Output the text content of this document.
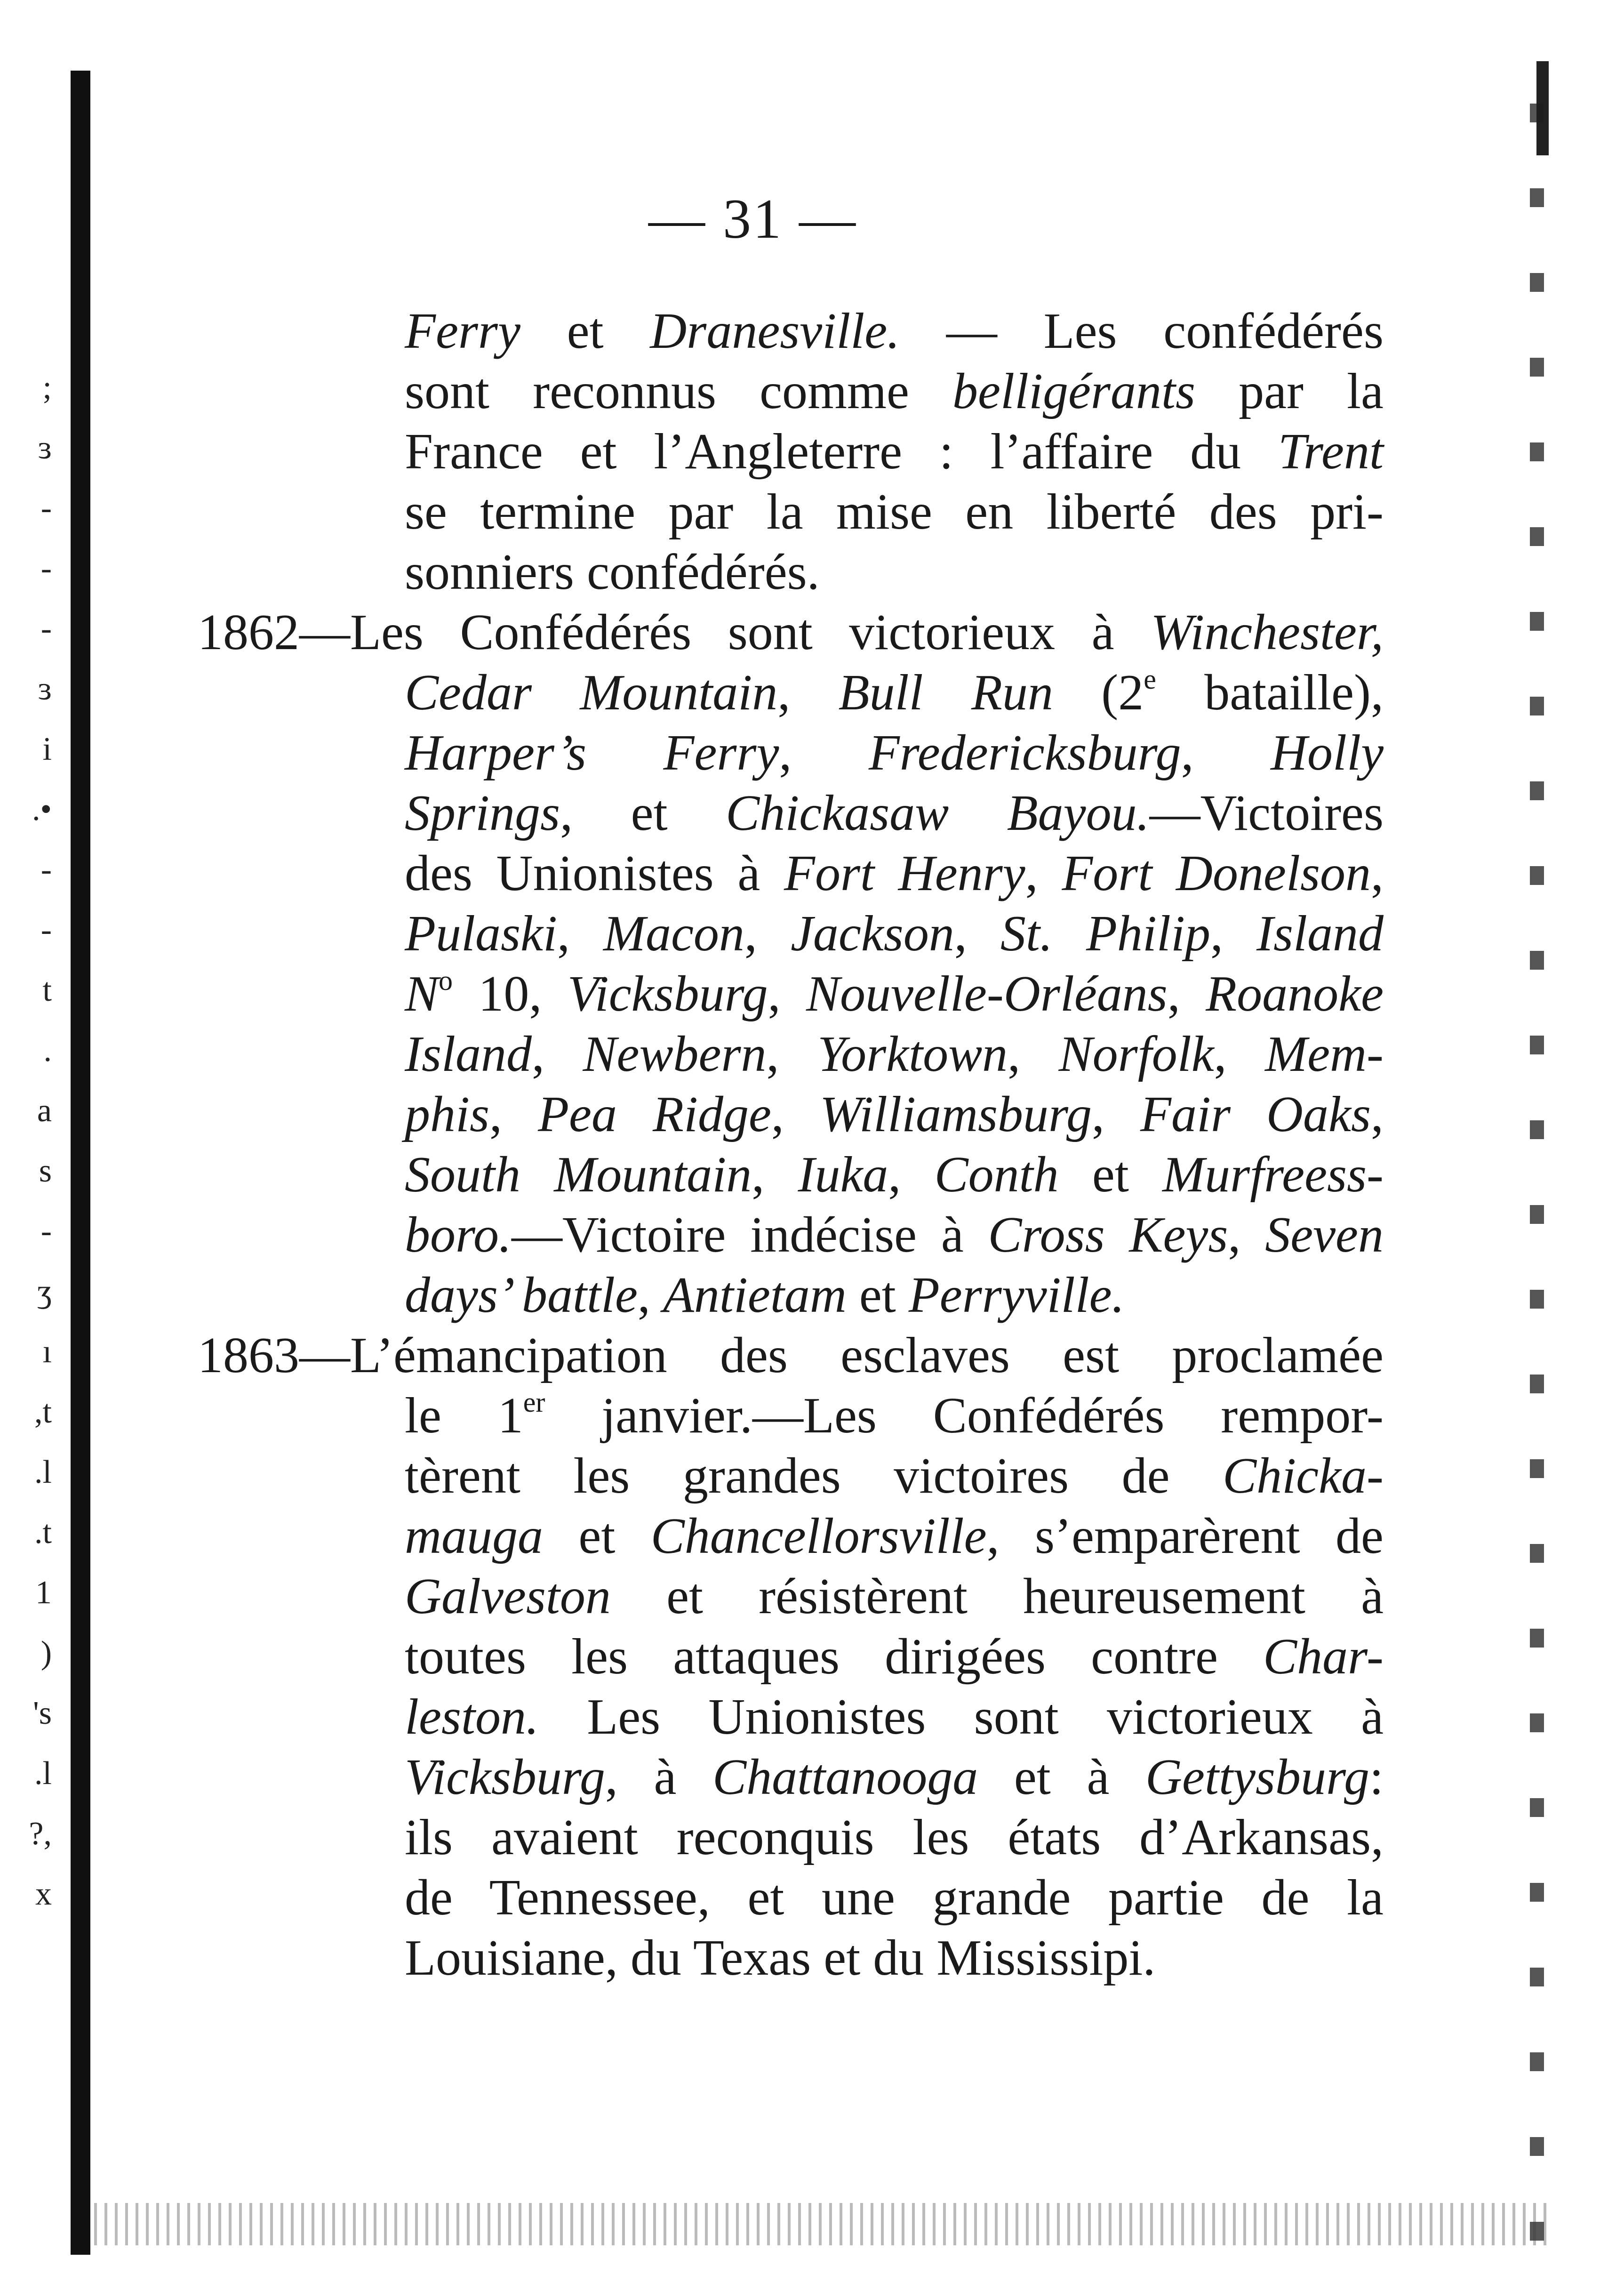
;
ɜ
-
-
-
ɜ
i
.•
-
-
t
.
a
s
-
ʒ
ı
,t
.l
.t
1
)
's
.l
?,
x
— 31 —
Ferry et Dranesville. — Les confédérés
sont reconnus comme belligérants par la
France et l’Angleterre : l’affaire du Trent
se termine par la mise en liberté des pri-
sonniers confédérés.
1862—Les Confédérés sont victorieux à Winchester,
Cedar Mountain, Bull Run (2e bataille),
Harper’s Ferry, Fredericksburg, Holly
Springs, et Chickasaw Bayou.—Victoires
des Unionistes à Fort Henry, Fort Donelson,
Pulaski, Macon, Jackson, St. Philip, Island
$N^o$ 10, Vicksburg, Nouvelle-Orléans, Roanoke
Island, Newbern, Yorktown, Norfolk, Mem-
phis, Pea Ridge, Williamsburg, Fair Oaks,
South Mountain, Iuka, Conth et Murfreess-
boro.—Victoire indécise à Cross Keys, Seven
days’ battle, Antietam et Perryville.
1863—L’émancipation des esclaves est proclamée
le 1er janvier.—Les Confédérés rempor-
tèrent les grandes victoires de Chicka-
mauga et Chancellorsville, s’emparèrent de
Galveston et résistèrent heureusement à
toutes les attaques dirigées contre Char-
leston. Les Unionistes sont victorieux à
Vicksburg, à Chattanooga et à Gettysburg:
ils avaient reconquis les états d’Arkansas,
de Tennessee, et une grande partie de la
Louisiane, du Texas et du Mississipi.
